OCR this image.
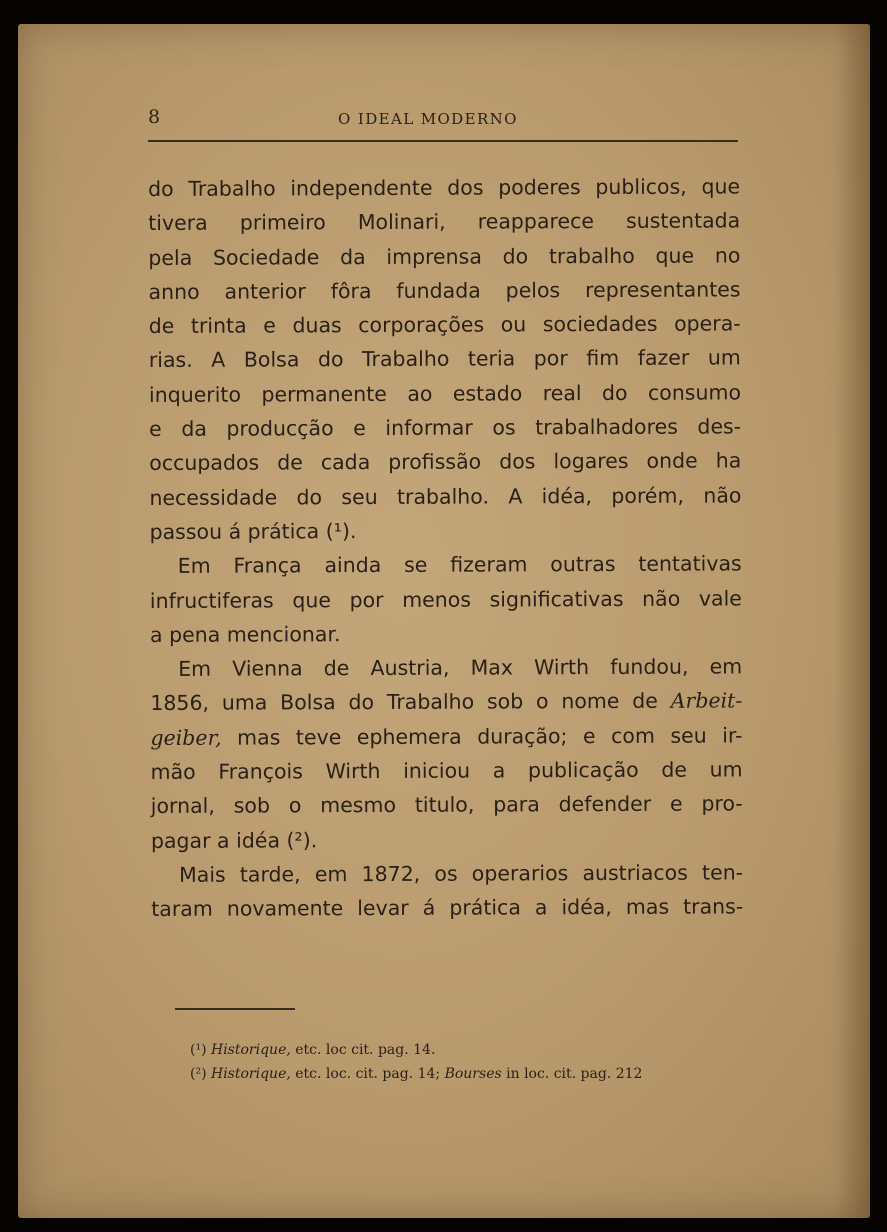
8	O IDEAL MODERNO
do Trabalho independente dos poderes publicos, que
tivera primeiro Molinari, reapparece sustentada
pela Sociedade da imprensa do trabalho que no
anno anterior fôra fundada pelos representantes
de trinta e duas corporações ou sociedades opera-
rias. A Bolsa do Trabalho teria por fim fazer um
inquerito permanente ao estado real do consumo
e da producção e informar os trabalhadores des-
occupados de cada profissão dos logares onde ha
necessidade do seu trabalho. A idéa, porém, não
passou á prática (¹).
Em França ainda se fizeram outras tentativas
infructiferas que por menos significativas não vale
a pena mencionar.
Em Vienna de Austria, Max Wirth fundou, em
1856, uma Bolsa do Trabalho sob o nome de Arbeit-
geiber, mas teve ephemera duração; e com seu ir-
mão François Wirth iniciou a publicação de um
jornal, sob o mesmo titulo, para defender e pro-
pagar a idéa (²).
Mais tarde, em 1872, os operarios austriacos ten-
taram novamente levar á prática a idéa, mas trans-
(¹) Historique, etc. loc cit. pag. 14.
(²) Historique, etc. loc. cit. pag. 14; Bourses in loc. cit. pag. 212
